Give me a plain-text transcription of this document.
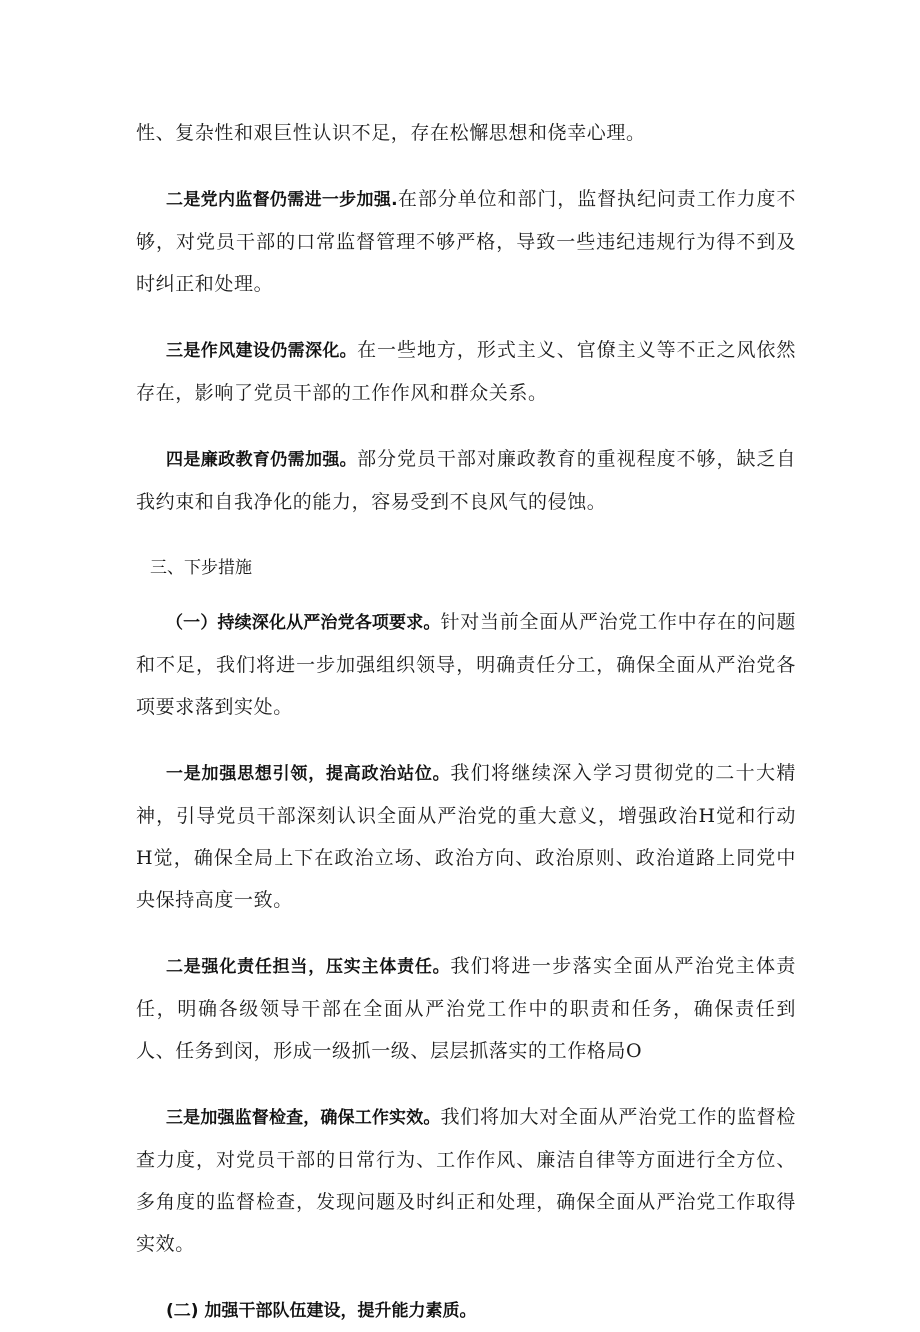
性、复杂性和艰巨性认识不足，存在松懈思想和侥幸心理。

二是党内监督仍需进一步加强.在部分单位和部门，监督执纪问责工作力度不够，对党员干部的口常监督管理不够严格，导致一些违纪违规行为得不到及时纠正和处理。

三是作风建设仍需深化。在一些地方，形式主义、官僚主义等不正之风依然存在，影响了党员干部的工作作风和群众关系。

四是廉政教育仍需加强。部分党员干部对廉政教育的重视程度不够，缺乏自我约束和自我净化的能力，容易受到不良风气的侵蚀。

三、下步措施

（一）持续深化从严治党各项要求。针对当前全面从严治党工作中存在的问题和不足，我们将进一步加强组织领导，明确责任分工，确保全面从严治党各项要求落到实处。

一是加强思想引领，提高政治站位。我们将继续深入学习贯彻党的二十大精神，引导党员干部深刻认识全面从严治党的重大意义，增强政治H觉和行动H觉，确保全局上下在政治立场、政治方向、政治原则、政治道路上同党中央保持高度一致。

二是强化责任担当，压实主体责任。我们将进一步落实全面从严治党主体责任，明确各级领导干部在全面从严治党工作中的职责和任务，确保责任到人、任务到闵，形成一级抓一级、层层抓落实的工作格局O

三是加强监督检查，确保工作实效。我们将加大对全面从严治党工作的监督检查力度，对党员干部的日常行为、工作作风、廉洁自律等方面进行全方位、多角度的监督检查，发现问题及时纠正和处理，确保全面从严治党工作取得实效。

(二) 加强干部队伍建设，提升能力素质。
